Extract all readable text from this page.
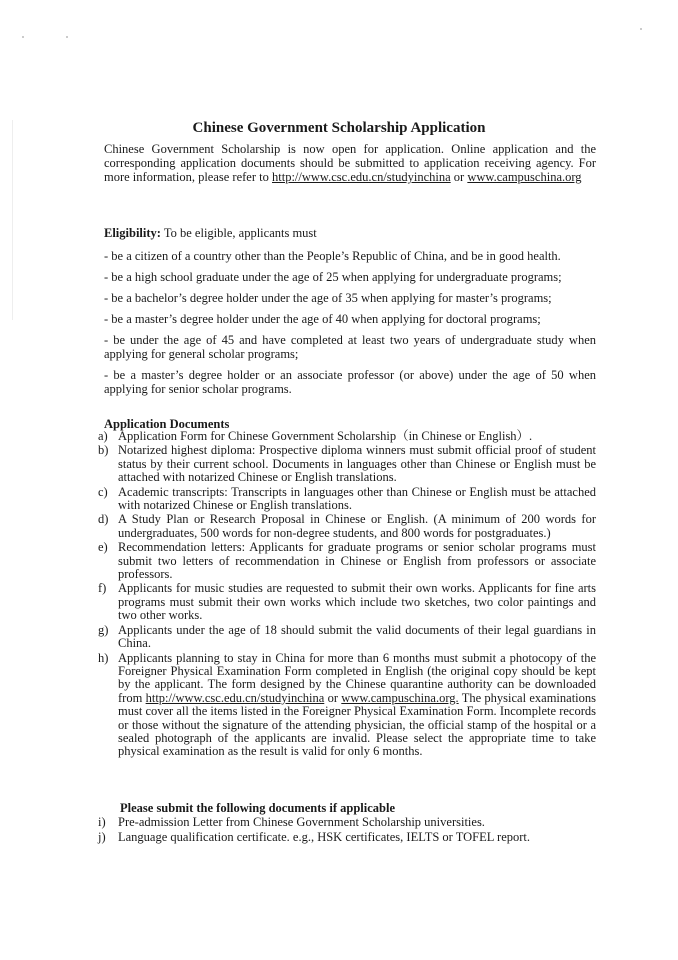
Chinese Government Scholarship Application
Chinese Government Scholarship is now open for application. Online application and the corresponding application documents should be submitted to application receiving agency. For more information, please refer to http://www.csc.edu.cn/studyinchina or www.campuschina.org
Eligibility: To be eligible, applicants must
- be a citizen of a country other than the People’s Republic of China, and be in good health.
- be a high school graduate under the age of 25 when applying for undergraduate programs;
- be a bachelor’s degree holder under the age of 35 when applying for master’s programs;
- be a master’s degree holder under the age of 40 when applying for doctoral programs;
- be under the age of 45 and have completed at least two years of undergraduate study when applying for general scholar programs;
- be a master’s degree holder or an associate professor (or above) under the age of 50 when applying for senior scholar programs.
Application Documents
a) Application Form for Chinese Government Scholarship（in Chinese or English）.
b) Notarized highest diploma: Prospective diploma winners must submit official proof of student status by their current school. Documents in languages other than Chinese or English must be attached with notarized Chinese or English translations.
c) Academic transcripts: Transcripts in languages other than Chinese or English must be attached with notarized Chinese or English translations.
d) A Study Plan or Research Proposal in Chinese or English. (A minimum of 200 words for undergraduates, 500 words for non-degree students, and 800 words for postgraduates.)
e) Recommendation letters: Applicants for graduate programs or senior scholar programs must submit two letters of recommendation in Chinese or English from professors or associate professors.
f) Applicants for music studies are requested to submit their own works. Applicants for fine arts programs must submit their own works which include two sketches, two color paintings and two other works.
g) Applicants under the age of 18 should submit the valid documents of their legal guardians in China.
h) Applicants planning to stay in China for more than 6 months must submit a photocopy of the Foreigner Physical Examination Form completed in English (the original copy should be kept by the applicant. The form designed by the Chinese quarantine authority can be downloaded from http://www.csc.edu.cn/studyinchina or www.campuschina.org. The physical examinations must cover all the items listed in the Foreigner Physical Examination Form. Incomplete records or those without the signature of the attending physician, the official stamp of the hospital or a sealed photograph of the applicants are invalid. Please select the appropriate time to take physical examination as the result is valid for only 6 months.
Please submit the following documents if applicable
i) Pre-admission Letter from Chinese Government Scholarship universities.
j) Language qualification certificate. e.g., HSK certificates, IELTS or TOFEL report.
